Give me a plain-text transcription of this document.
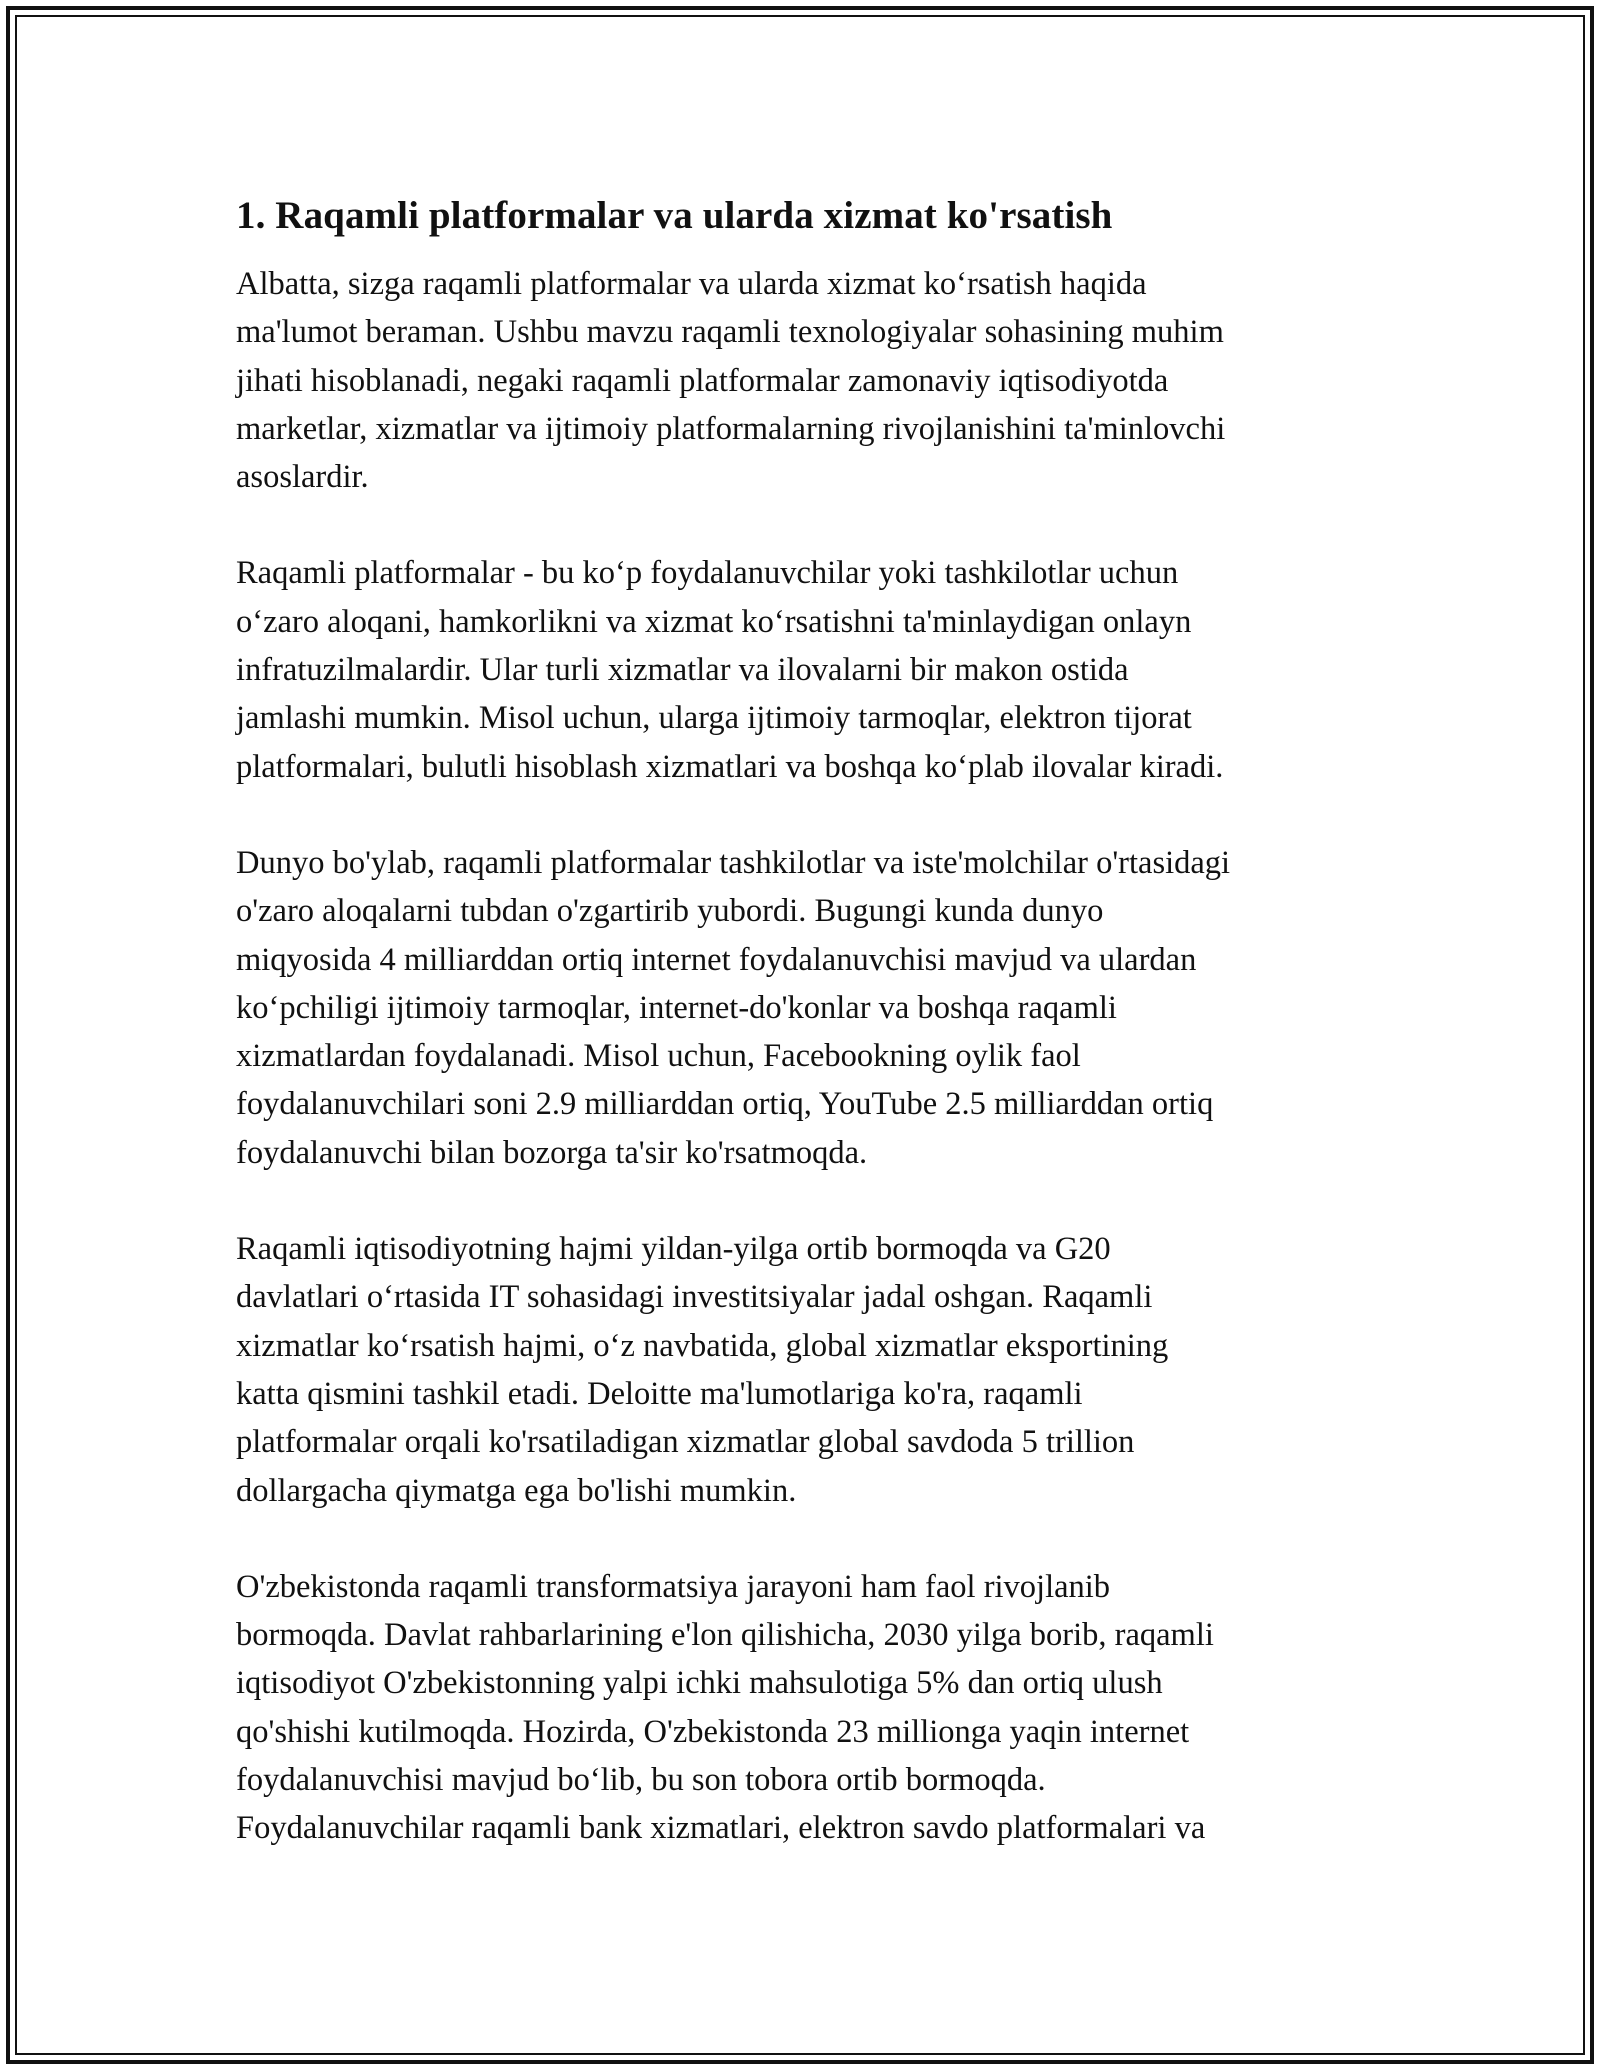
1. Raqamli platformalar va ularda xizmat ko'rsatish

Albatta, sizga raqamli platformalar va ularda xizmat koʻrsatish haqida
ma'lumot beraman. Ushbu mavzu raqamli texnologiyalar sohasining muhim
jihati hisoblanadi, negaki raqamli platformalar zamonaviy iqtisodiyotda
marketlar, xizmatlar va ijtimoiy platformalarning rivojlanishini ta'minlovchi
asoslardir.

Raqamli platformalar - bu koʻp foydalanuvchilar yoki tashkilotlar uchun
oʻzaro aloqani, hamkorlikni va xizmat koʻrsatishni ta'minlaydigan onlayn
infratuzilmalardir. Ular turli xizmatlar va ilovalarni bir makon ostida
jamlashi mumkin. Misol uchun, ularga ijtimoiy tarmoqlar, elektron tijorat
platformalari, bulutli hisoblash xizmatlari va boshqa koʻplab ilovalar kiradi.

Dunyo bo'ylab, raqamli platformalar tashkilotlar va iste'molchilar o'rtasidagi
o'zaro aloqalarni tubdan o'zgartirib yubordi. Bugungi kunda dunyo
miqyosida 4 milliarddan ortiq internet foydalanuvchisi mavjud va ulardan
koʻpchiligi ijtimoiy tarmoqlar, internet-do'konlar va boshqa raqamli
xizmatlardan foydalanadi. Misol uchun, Facebookning oylik faol
foydalanuvchilari soni 2.9 milliarddan ortiq, YouTube 2.5 milliarddan ortiq
foydalanuvchi bilan bozorga ta'sir ko'rsatmoqda.

Raqamli iqtisodiyotning hajmi yildan-yilga ortib bormoqda va G20
davlatlari oʻrtasida IT sohasidagi investitsiyalar jadal oshgan. Raqamli
xizmatlar koʻrsatish hajmi, oʻz navbatida, global xizmatlar eksportining
katta qismini tashkil etadi. Deloitte ma'lumotlariga ko'ra, raqamli
platformalar orqali ko'rsatiladigan xizmatlar global savdoda 5 trillion
dollargacha qiymatga ega bo'lishi mumkin.

O'zbekistonda raqamli transformatsiya jarayoni ham faol rivojlanib
bormoqda. Davlat rahbarlarining e'lon qilishicha, 2030 yilga borib, raqamli
iqtisodiyot O'zbekistonning yalpi ichki mahsulotiga 5% dan ortiq ulush
qo'shishi kutilmoqda. Hozirda, O'zbekistonda 23 millionga yaqin internet
foydalanuvchisi mavjud boʻlib, bu son tobora ortib bormoqda.
Foydalanuvchilar raqamli bank xizmatlari, elektron savdo platformalari va
